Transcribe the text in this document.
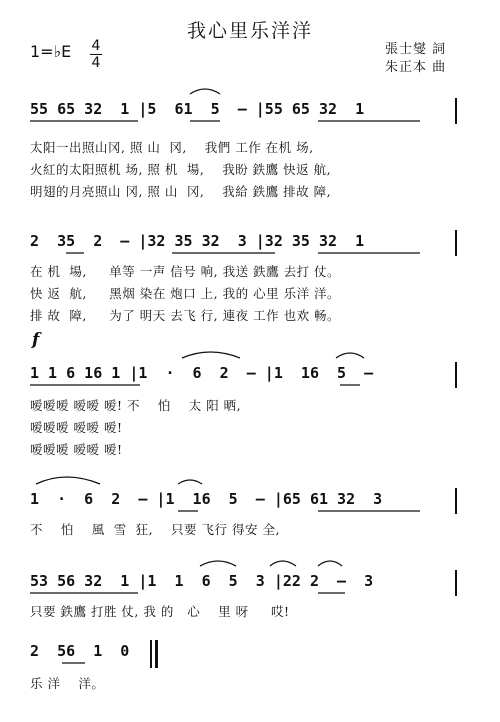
我心里乐洋洋
1=♭E 4
4
張士燮 詞
朱正本 曲
55 65 32  1 |5  61  5  — |55 65 32  1
太阳一出照山冈, 照 山  冈,    我們 工作 在机 场,
火紅的太阳照机 场, 照 机  場,    我盼 鉄鷹 快返 航,
明翅的月亮照山 冈, 照 山  冈,    我給 鉄鷹 排故 障,
2  35  2  — |32 35 32  3 |32 35 32  1
在 机  場,     单等 一声 信号 响, 我送 鉄鷹 去打 仗。
快 返  航,     黑烟 染在 炮口 上, 我的 心里 乐洋 洋。
排 故  障,     为了 明天 去飞 行, 連夜 工作 也欢 畅。
f
1 1 6 16 1 |1  ·  6  2  — |1  16  5  —
嗳嗳嗳 嗳嗳 嗳! 不    怕    太 阳 晒,
嗳嗳嗳 嗳嗳 嗳!
嗳嗳嗳 嗳嗳 嗳!
1  ·  6  2  — |1  16  5  — |65 61 32  3
不    怕    風  雪  狂,    只要 飞行 得安 全,
53 56 32  1 |1  1  6  5  3 |22 2  —  3
只要 鉄鷹 打胜 仗, 我 的   心    里 呀     哎!
2  56  1  0
乐 洋    洋。
